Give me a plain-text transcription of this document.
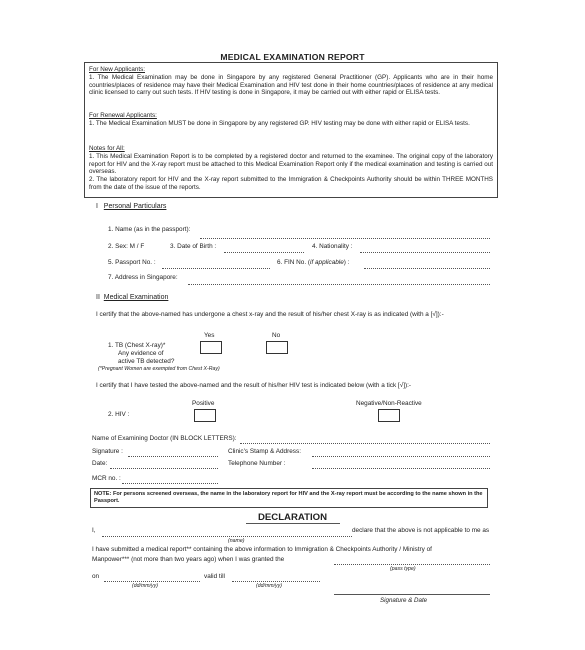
MEDICAL EXAMINATION REPORT

For New Applicants:

1. The Medical Examination may be done in Singapore by any registered General Practitioner (GP). Applicants who are in their home countries/places of residence may have their Medical Examination and HIV test done in their home countries/places of residence at any medical clinic licensed to carry out such tests. If HIV testing is done in Singapore, it may be carried out with either rapid or ELISA tests.

For Renewal Applicants:

1. The Medical Examination MUST be done in Singapore by any registered GP. HIV testing may be done with either rapid or ELISA tests.

Notes for All:

1. This Medical Examination Report is to be completed by a registered doctor and returned to the examinee. The original copy of the laboratory report for HIV and the X-ray report must be attached to this Medical Examination Report only if the medical examination and testing is carried out overseas.

2. The laboratory report for HIV and the X-ray report submitted to the Immigration & Checkpoints Authority should be within THREE MONTHS from the date of the issue of the reports.

I Personal Particulars
1. Name (as in the passport):
2. Sex: M / F	3. Date of Birth :	4. Nationality :
5. Passport No. :	6. FIN No. (if applicable) :
7. Address in Singapore:
II Medical Examination
I certify that the above-named has undergone a chest x-ray and the result of his/her chest X-ray is as indicated (with a [√]):-
Yes	No
1. TB (Chest X-ray)*
Any evidence of
active TB detected?
(*Pregnant Women are exempted from Chest X-Ray)
I certify that I have tested the above-named and the result of his/her HIV test is indicated below (with a tick [√]):-
Positive	Negative/Non-Reactive
2. HIV :
Name of Examining Doctor (IN BLOCK LETTERS):
Signature :	Clinic's Stamp & Address:
Date:	Telephone Number :
MCR no. :
NOTE: For persons screened overseas, the name in the laboratory report for HIV and the X-ray report must be according to the name shown in the Passport.
DECLARATION
I,	declare that the above is not applicable to me as
(name)
I have submitted a medical report** containing the above information to Immigration & Checkpoints Authority / Ministry of
Manpower*** (not more than two years ago) when I was granted the
(pass type)
on	valid till
(dd/mm/yy)	(dd/mm/yy)
Signature & Date
